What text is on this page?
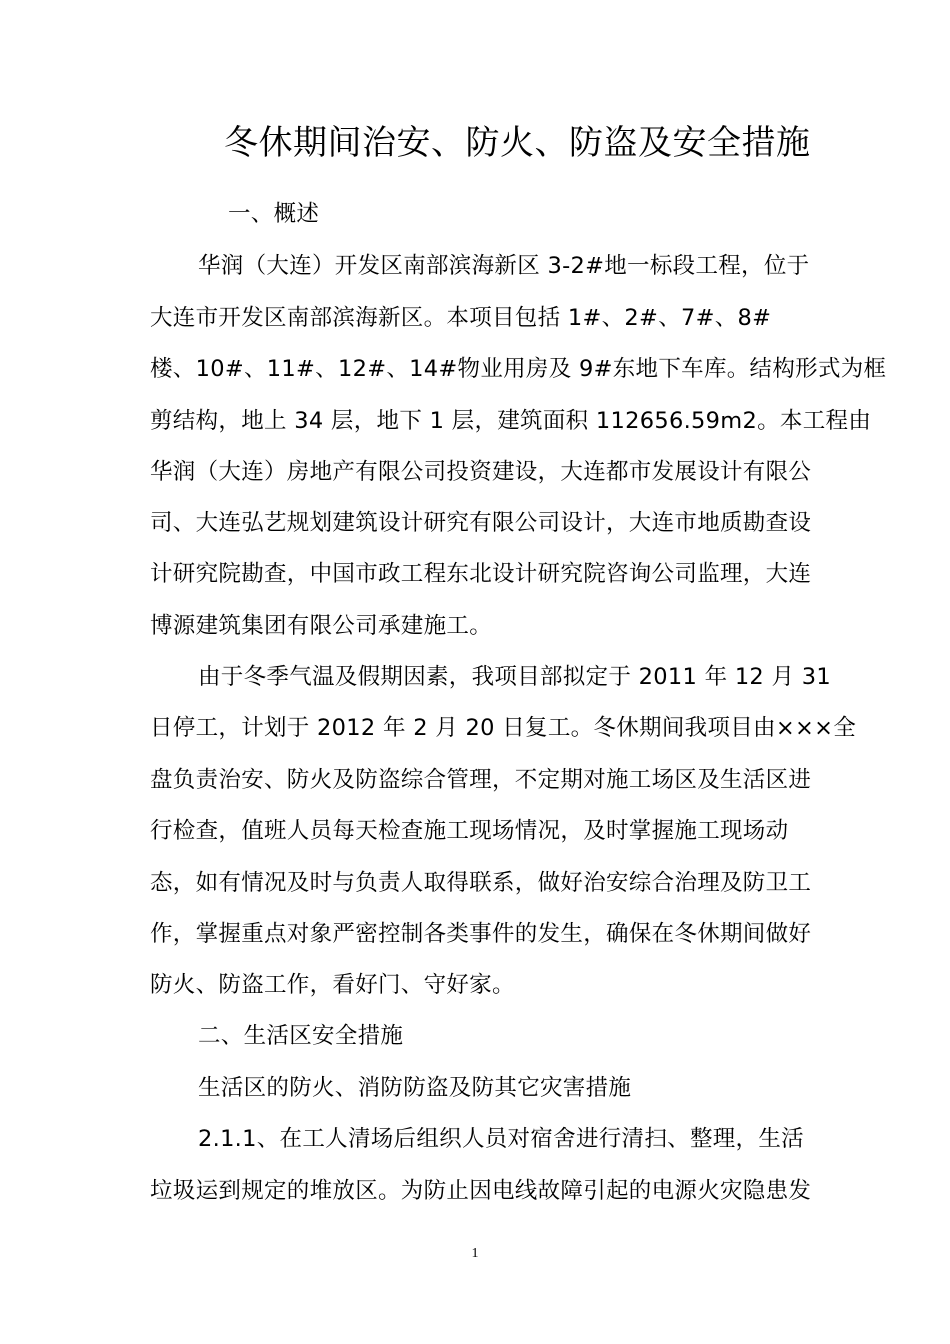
冬休期间治安、防火、防盗及安全措施
一、概述
华润（大连）开发区南部滨海新区 3-2#地一标段工程，位于
大连市开发区南部滨海新区。本项目包括 1#、2#、7#、8#
楼、10#、11#、12#、14#物业用房及 9#东地下车库。结构形式为框
剪结构，地上 34 层，地下 1 层，建筑面积 112656.59m2。本工程由
华润（大连）房地产有限公司投资建设，大连都市发展设计有限公
司、大连弘艺规划建筑设计研究有限公司设计，大连市地质勘查设
计研究院勘查，中国市政工程东北设计研究院咨询公司监理，大连
博源建筑集团有限公司承建施工。
由于冬季气温及假期因素，我项目部拟定于 2011 年 12 月 31
日停工，计划于 2012 年 2 月 20 日复工。冬休期间我项目由×××全
盘负责治安、防火及防盗综合管理，不定期对施工场区及生活区进
行检查，值班人员每天检查施工现场情况，及时掌握施工现场动
态，如有情况及时与负责人取得联系，做好治安综合治理及防卫工
作，掌握重点对象严密控制各类事件的发生，确保在冬休期间做好
防火、防盗工作，看好门、守好家。
二、生活区安全措施
生活区的防火、消防防盗及防其它灾害措施
2.1.1、在工人清场后组织人员对宿舍进行清扫、整理，生活
垃圾运到规定的堆放区。为防止因电线故障引起的电源火灾隐患发
1
